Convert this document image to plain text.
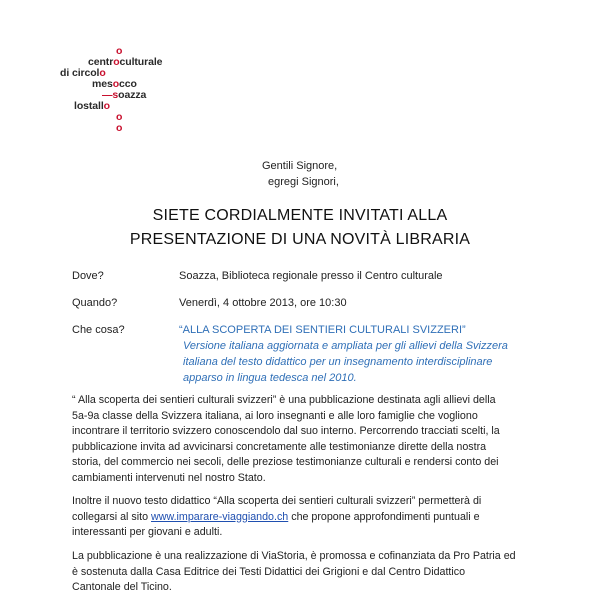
o
centroculturale
di circolo
mesocco
—soazza
lostallo
o
o
Gentili Signore,
egregi Signori,
SIETE CORDIALMENTE INVITATI ALLA
PRESENTAZIONE DI UNA NOVITÀ LIBRARIA
Dove?	Soazza, Biblioteca regionale presso il Centro culturale
Quando?	Venerdì, 4 ottobre 2013, ore 10:30
Che cosa?	“ALLA SCOPERTA DEI SENTIERI CULTURALI SVIZZERI”
Versione italiana aggiornata e ampliata per gli allievi della Svizzera
italiana del testo didattico per un insegnamento interdisciplinare
apparso in lingua tedesca nel 2010.
“ Alla scoperta dei sentieri culturali svizzeri” è una pubblicazione destinata agli allievi della
5a-9a classe della Svizzera italiana, ai loro insegnanti e alle loro famiglie che vogliono
incontrare il territorio svizzero conoscendolo dal suo interno. Percorrendo tracciati scelti, la
pubblicazione invita ad avvicinarsi concretamente alle testimonianze dirette della nostra
storia, del commercio nei secoli, delle preziose testimonianze culturali e rendersi conto dei
cambiamenti intervenuti nel nostro Stato.
Inoltre il nuovo testo didattico “Alla scoperta dei sentieri culturali svizzeri” permetterà di
collegarsi al sito www.imparare-viaggiando.ch che propone approfondimenti puntuali e
interessanti per giovani e adulti.
La pubblicazione è una realizzazione di ViaStoria, è promossa e cofinanziata da Pro Patria ed
è sostenuta dalla Casa Editrice dei Testi Didattici dei Grigioni e dal Centro Didattico
Cantonale del Ticino.
